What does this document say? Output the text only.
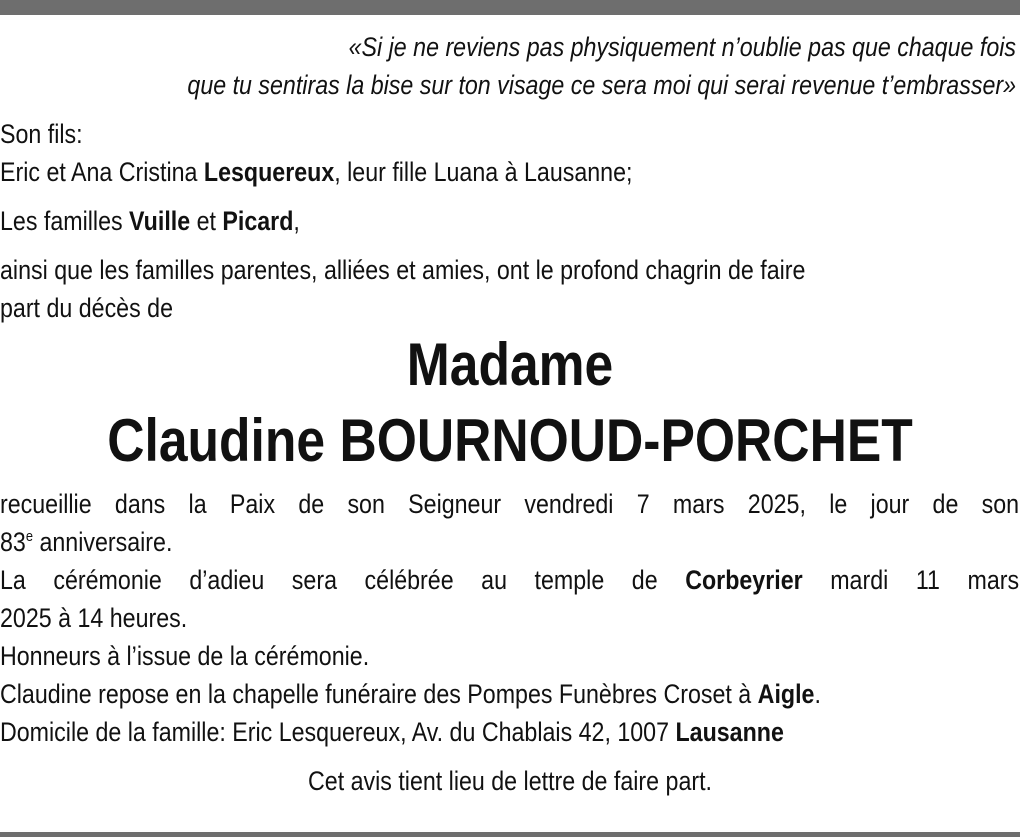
«Si je ne reviens pas physiquement n’oublie pas que chaque fois
que tu sentiras la bise sur ton visage ce sera moi qui serai revenue t’embrasser»
Son fils:
Eric et Ana Cristina Lesquereux, leur fille Luana à Lausanne;
Les familles Vuille et Picard,
ainsi que les familles parentes, alliées et amies, ont le profond chagrin de faire
part du décès de
Madame
Claudine BOURNOUD-PORCHET
recueillie dans la Paix de son Seigneur vendredi 7 mars 2025, le jour de son
83e anniversaire.
La cérémonie d’adieu sera célébrée au temple de Corbeyrier mardi 11 mars
2025 à 14 heures.
Honneurs à l’issue de la cérémonie.
Claudine repose en la chapelle funéraire des Pompes Funèbres Croset à Aigle.
Domicile de la famille: Eric Lesquereux, Av. du Chablais 42, 1007 Lausanne
Cet avis tient lieu de lettre de faire part.
